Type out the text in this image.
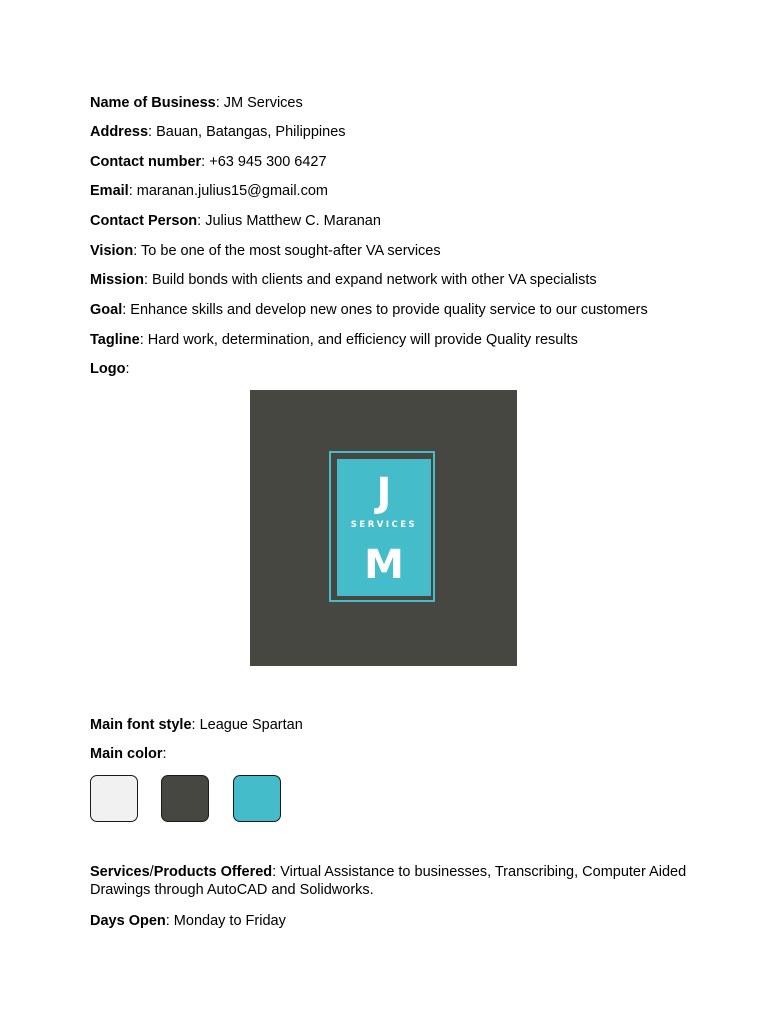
Name of Business: JM Services
Address: Bauan, Batangas, Philippines
Contact number: +63 945 300 6427
Email: maranan.julius15@gmail.com
Contact Person: Julius Matthew C. Maranan
Vision: To be one of the most sought-after VA services
Mission: Build bonds with clients and expand network with other VA specialists
Goal: Enhance skills and develop new ones to provide quality service to our customers
Tagline: Hard work, determination, and efficiency will provide Quality results
Logo:
J
SERVICES
M
Main font style: League Spartan
Main color:
Services/Products Offered: Virtual Assistance to businesses, Transcribing, Computer Aided Drawings through AutoCAD and Solidworks.
Days Open: Monday to Friday
